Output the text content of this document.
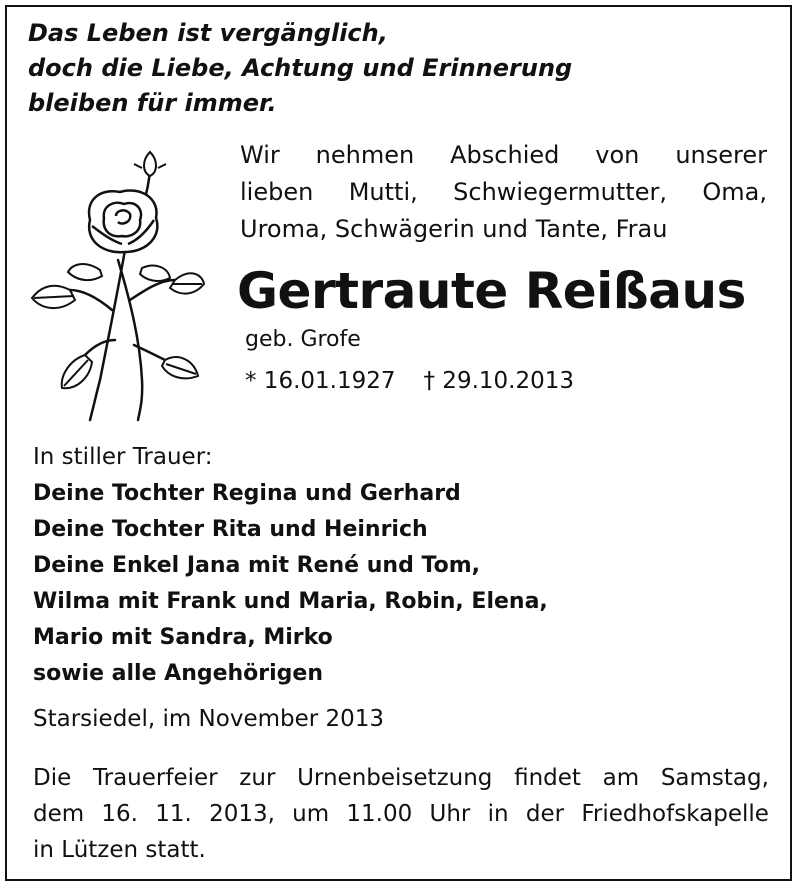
Das Leben ist vergänglich,
doch die Liebe, Achtung und Erinnerung
bleiben für immer.
Wir nehmen Abschied von unserer
lieben Mutti, Schwiegermutter, Oma,
Uroma, Schwägerin und Tante, Frau
Gertraute Reißaus
geb. Grofe
* 16.01.1927 † 29.10.2013
In stiller Trauer:
Deine Tochter Regina und Gerhard
Deine Tochter Rita und Heinrich
Deine Enkel Jana mit René und Tom,
Wilma mit Frank und Maria, Robin, Elena,
Mario mit Sandra, Mirko
sowie alle Angehörigen
Starsiedel, im November 2013
Die Trauerfeier zur Urnenbeisetzung findet am Samstag,
dem 16. 11. 2013, um 11.00 Uhr in der Friedhofskapelle
in Lützen statt.
